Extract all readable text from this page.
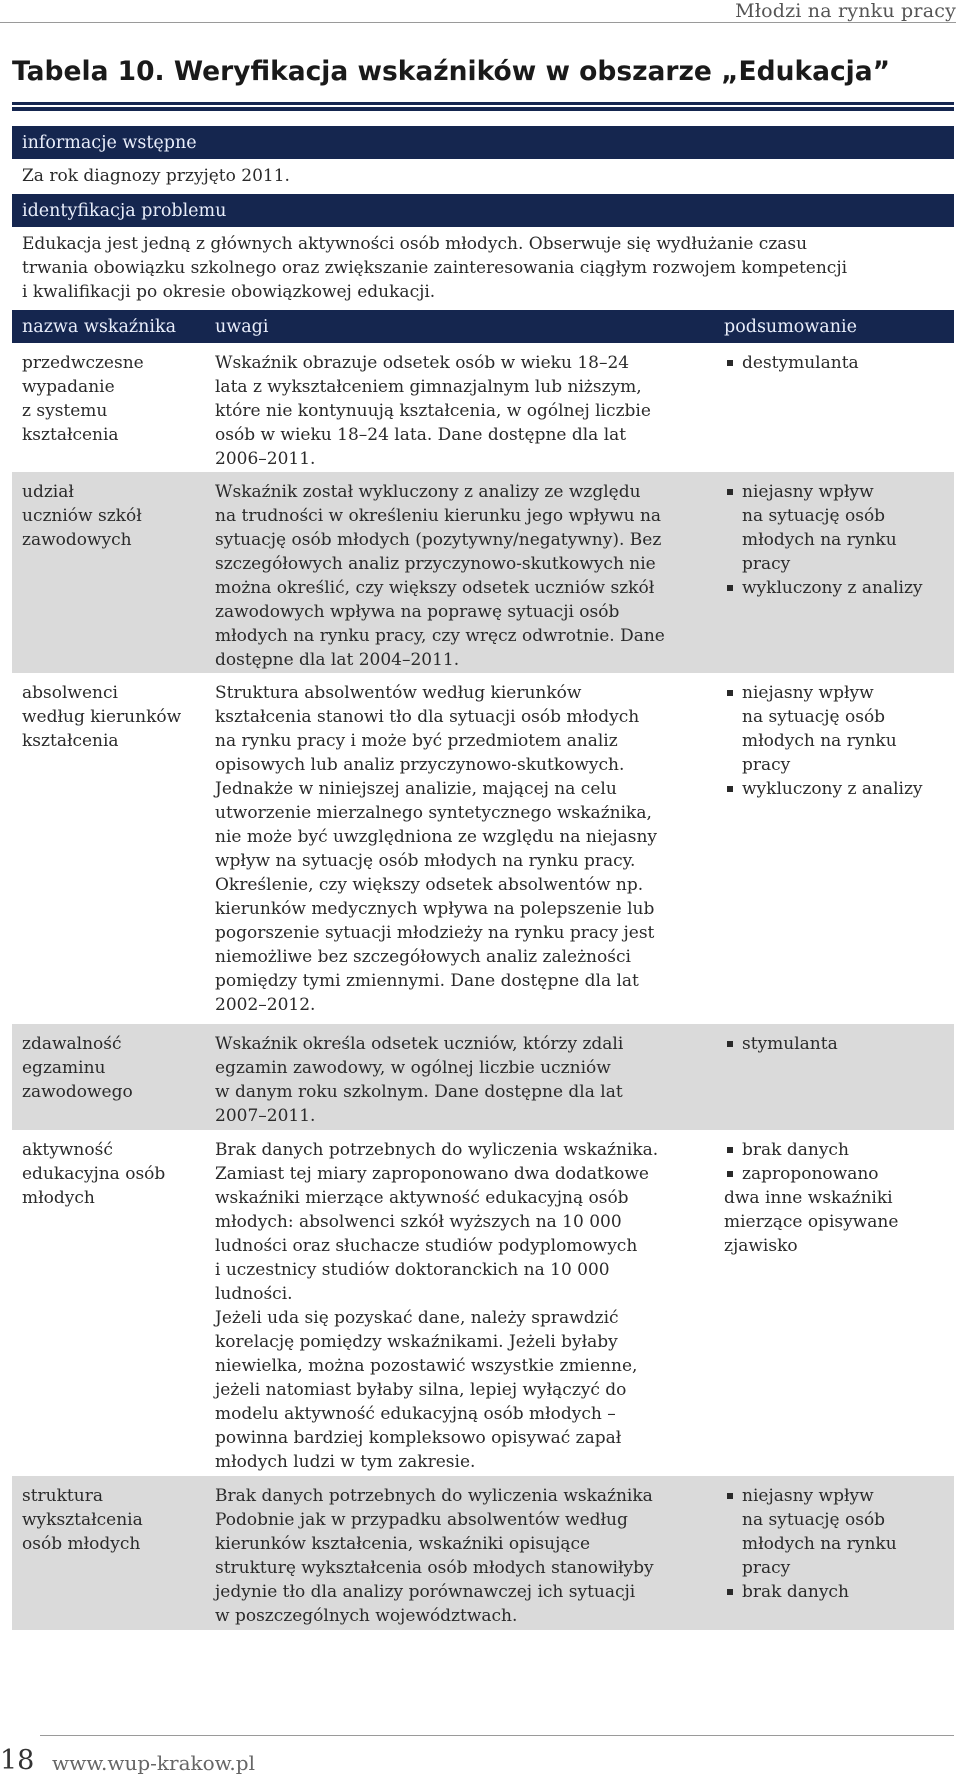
Młodzi na rynku pracy
Tabela 10. Weryfikacja wskaźników w obszarze „Edukacja”
informacje wstępne
Za rok diagnozy przyjęto 2011.
identyfikacja problemu
Edukacja jest jedną z głównych aktywności osób młodych. Obserwuje się wydłużanie czasu
trwania obowiązku szkolnego oraz zwiększanie zainteresowania ciągłym rozwojem kompetencji
i kwalifikacji po okresie obowiązkowej edukacji.
nazwa wskaźnika uwagi	podsumowanie
przedwczesne
wypadanie
z systemu
kształcenia
Wskaźnik obrazuje odsetek osób w wieku 18–24
lata z wykształceniem gimnazjalnym lub niższym,
które nie kontynuują kształcenia, w ogólnej liczbie
osób w wieku 18–24 lata. Dane dostępne dla lat
2006–2011.
destymulanta
udział
uczniów szkół
zawodowych
Wskaźnik został wykluczony z analizy ze względu
na trudności w określeniu kierunku jego wpływu na
sytuację osób młodych (pozytywny/negatywny). Bez
szczegółowych analiz przyczynowo-skutkowych nie
można określić, czy większy odsetek uczniów szkół
zawodowych wpływa na poprawę sytuacji osób
młodych na rynku pracy, czy wręcz odwrotnie. Dane
dostępne dla lat 2004–2011.
niejasny wpływ
na sytuację osób
młodych na rynku
pracy
wykluczony z analizy
absolwenci
według kierunków
kształcenia
Struktura absolwentów według kierunków
kształcenia stanowi tło dla sytuacji osób młodych
na rynku pracy i może być przedmiotem analiz
opisowych lub analiz przyczynowo-skutkowych.
Jednakże w niniejszej analizie, mającej na celu
utworzenie mierzalnego syntetycznego wskaźnika,
nie może być uwzględniona ze względu na niejasny
wpływ na sytuację osób młodych na rynku pracy.
Określenie, czy większy odsetek absolwentów np.
kierunków medycznych wpływa na polepszenie lub
pogorszenie sytuacji młodzieży na rynku pracy jest
niemożliwe bez szczegółowych analiz zależności
pomiędzy tymi zmiennymi. Dane dostępne dla lat
2002–2012.
niejasny wpływ
na sytuację osób
młodych na rynku
pracy
wykluczony z analizy
zdawalność
egzaminu
zawodowego
Wskaźnik określa odsetek uczniów, którzy zdali
egzamin zawodowy, w ogólnej liczbie uczniów
w danym roku szkolnym. Dane dostępne dla lat
2007–2011.
stymulanta
aktywność
edukacyjna osób
młodych
Brak danych potrzebnych do wyliczenia wskaźnika.
Zamiast tej miary zaproponowano dwa dodatkowe
wskaźniki mierzące aktywność edukacyjną osób
młodych: absolwenci szkół wyższych na 10 000
ludności oraz słuchacze studiów podyplomowych
i uczestnicy studiów doktoranckich na 10 000
ludności.
Jeżeli uda się pozyskać dane, należy sprawdzić
korelację pomiędzy wskaźnikami. Jeżeli byłaby
niewielka, można pozostawić wszystkie zmienne,
jeżeli natomiast byłaby silna, lepiej wyłączyć do
modelu aktywność edukacyjną osób młodych –
powinna bardziej kompleksowo opisywać zapał
młodych ludzi w tym zakresie.
brak danych
zaproponowano
dwa inne wskaźniki
mierzące opisywane
zjawisko
struktura
wykształcenia
osób młodych
Brak danych potrzebnych do wyliczenia wskaźnika
Podobnie jak w przypadku absolwentów według
kierunków kształcenia, wskaźniki opisujące
strukturę wykształcenia osób młodych stanowiłyby
jedynie tło dla analizy porównawczej ich sytuacji
w poszczególnych województwach.
niejasny wpływ
na sytuację osób
młodych na rynku
pracy
brak danych
18 www.wup-krakow.pl
